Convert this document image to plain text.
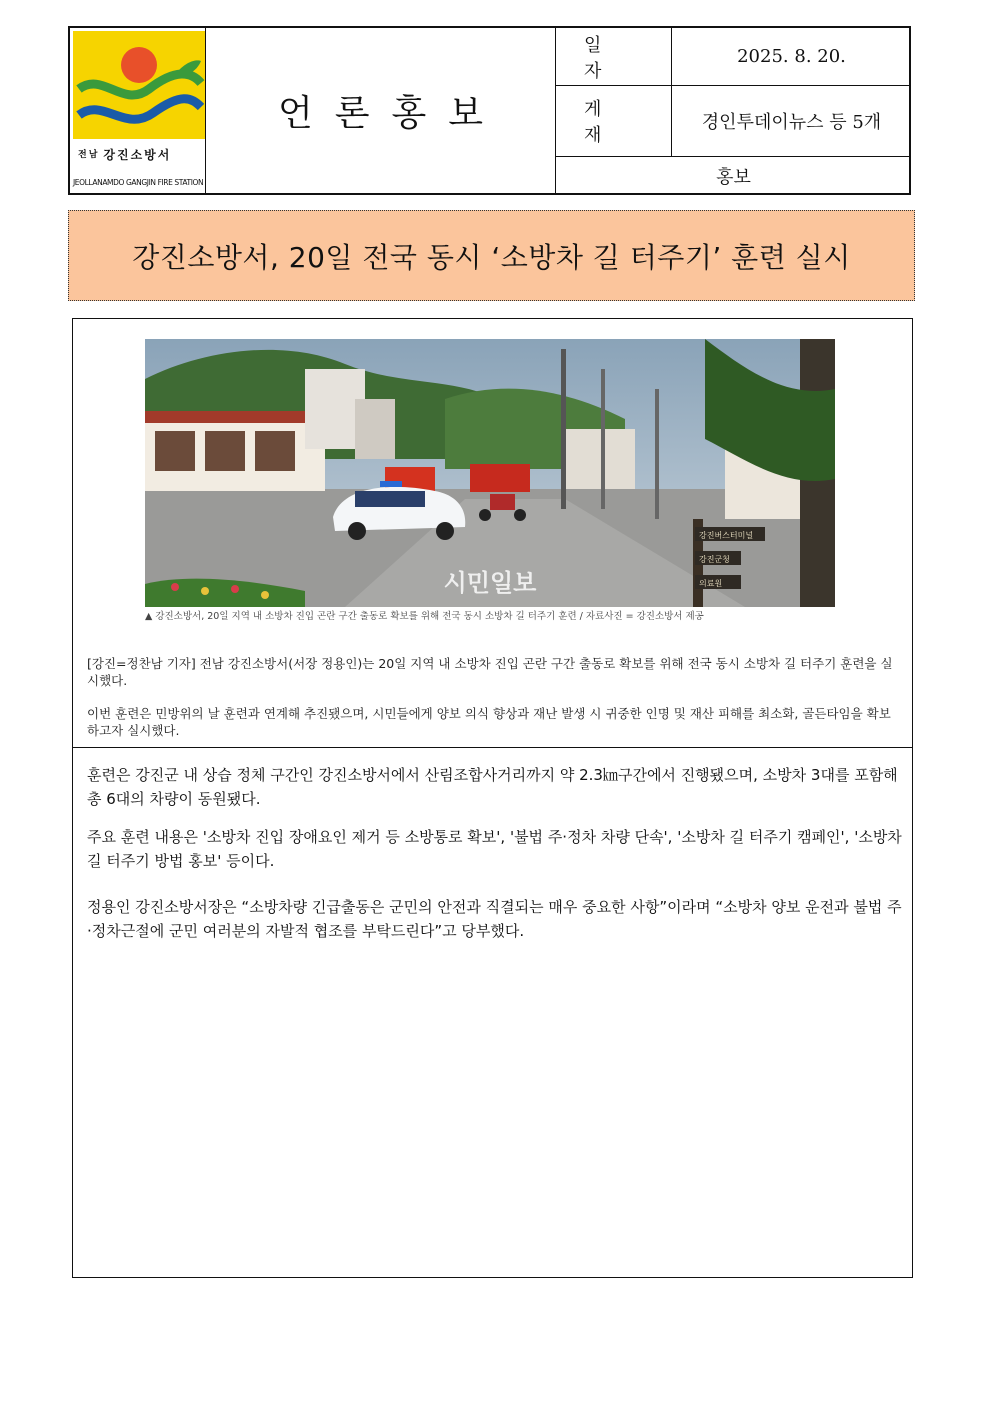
전남 강진소방서
JEOLLANAMDO GANGJIN FIRE STATION
언론홍보
일자
2025. 8. 20.
게재
경인투데이뉴스 등 5개
홍보
강진소방서, 20일 전국 동시 ‘소방차 길 터주기’ 훈련 실시
강진버스터미널
강진군청
의료원
시민일보
▲ 강진소방서, 20일 지역 내 소방차 진입 곤란 구간 출동로 확보를 위해 전국 동시 소방차 길 터주기 훈련 / 자료사진 = 강진소방서 제공
[강진=정찬남 기자] 전남 강진소방서(서장 정용인)는 20일 지역 내 소방차 진입 곤란 구간 출동로 확보를 위해 전국 동시 소방차 길 터주기 훈련을 실시했다.
이번 훈련은 민방위의 날 훈련과 연계해 추진됐으며, 시민들에게 양보 의식 향상과 재난 발생 시 귀중한 인명 및 재산 피해를 최소화, 골든타임을 확보하고자 실시했다.
훈련은 강진군 내 상습 정체 구간인 강진소방서에서 산림조합사거리까지 약 2.3㎞구간에서 진행됐으며, 소방차 3대를 포함해 총 6대의 차량이 동원됐다.
주요 훈련 내용은 '소방차 진입 장애요인 제거 등 소방통로 확보', '불법 주·정차 차량 단속', '소방차 길 터주기 캠페인', '소방차 길 터주기 방법 홍보' 등이다.
정용인 강진소방서장은 “소방차량 긴급출동은 군민의 안전과 직결되는 매우 중요한 사항”이라며 “소방차 양보 운전과 불법 주·정차근절에 군민 여러분의 자발적 협조를 부탁드린다”고 당부했다.
